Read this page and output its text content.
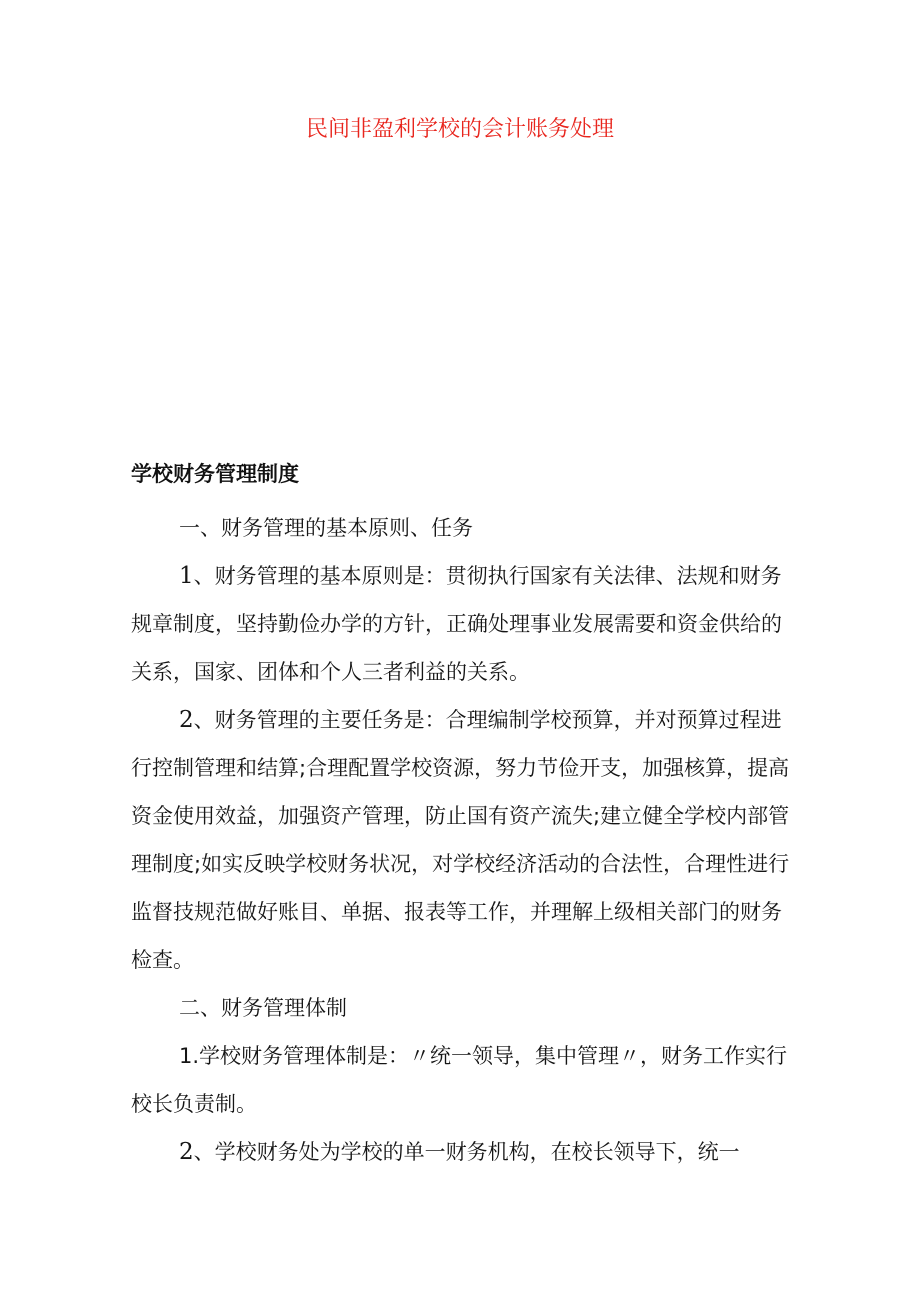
民间非盈利学校的会计账务处理
学校财务管理制度

一、财务管理的基本原则、任务

1、财务管理的基本原则是：贯彻执行国家有关法律、法规和财务规章制度，坚持勤俭办学的方针，正确处理事业发展需要和资金供给的关系，国家、团体和个人三者利益的关系。

2、财务管理的主要任务是：合理编制学校预算，并对预算过程进行控制管理和结算;合理配置学校资源，努力节俭开支，加强核算，提高资金使用效益，加强资产管理，防止国有资产流失;建立健全学校内部管理制度;如实反映学校财务状况，对学校经济活动的合法性，合理性进行监督技规范做好账目、单据、报表等工作，并理解上级相关部门的财务检查。

二、财务管理体制

1.学校财务管理体制是：〃统一领导，集中管理〃，财务工作实行校长负责制。

2、学校财务处为学校的单一财务机构，在校长领导下，统一
